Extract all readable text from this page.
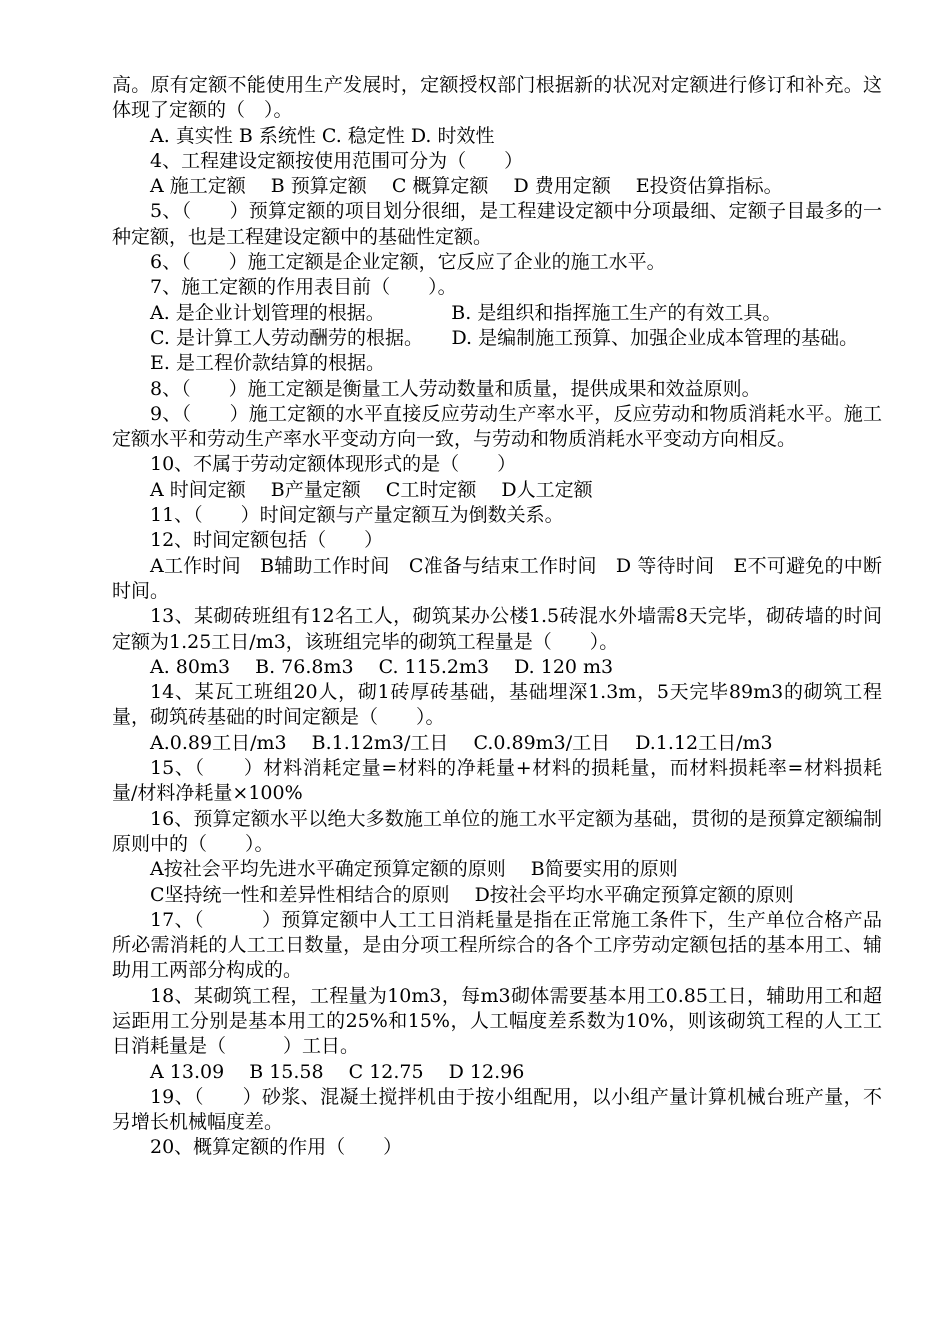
高。原有定额不能使用生产发展时，定额授权部门根据新的状况对定额进行修订和补充。这体现了定额的（　）。

A. 真实性 B 系统性 C. 稳定性 D. 时效性

4、工程建设定额按使用范围可分为（　　）

A 施工定额　 B 预算定额　 C 概算定额　 D 费用定额　 E投资估算指标。

5、（　　）预算定额的项目划分很细，是工程建设定额中分项最细、定额子目最多的一种定额，也是工程建设定额中的基础性定额。

6、（　　）施工定额是企业定额，它反应了企业的施工水平。

7、施工定额的作用表目前（　　）。

A. 是企业计划管理的根据。　　　　B. 是组织和指挥施工生产的有效工具。

C. 是计算工人劳动酬劳的根据。　　D. 是编制施工预算、加强企业成本管理的基础。

E. 是工程价款结算的根据。

8、（　　）施工定额是衡量工人劳动数量和质量，提供成果和效益原则。

9、（　　）施工定额的水平直接反应劳动生产率水平，反应劳动和物质消耗水平。施工定额水平和劳动生产率水平变动方向一致，与劳动和物质消耗水平变动方向相反。

10、不属于劳动定额体现形式的是（　　）

A 时间定额　 B产量定额　 C工时定额　 D人工定额

11、（　　）时间定额与产量定额互为倒数关系。

12、时间定额包括（　　）

A工作时间　B辅助工作时间　C准备与结束工作时间　D 等待时间　E不可避免的中断时间。

13、某砌砖班组有12名工人，砌筑某办公楼1.5砖混水外墙需8天完毕，砌砖墙的时间定额为1.25工日/m3，该班组完毕的砌筑工程量是（　　）。

A. 80m3　 B. 76.8m3　 C. 115.2m3　 D. 120 m3

14、某瓦工班组20人，砌1砖厚砖基础，基础埋深1.3m，5天完毕89m3的砌筑工程量，砌筑砖基础的时间定额是（　　）。

A.0.89工日/m3　 B.1.12m3/工日　 C.0.89m3/工日　 D.1.12工日/m3

15、（　　）材料消耗定量=材料的净耗量+材料的损耗量，而材料损耗率=材料损耗量/材料净耗量×100%

16、预算定额水平以绝大多数施工单位的施工水平定额为基础，贯彻的是预算定额编制原则中的（　　）。

A按社会平均先进水平确定预算定额的原则　 B简要实用的原则

C坚持统一性和差异性相结合的原则　 D按社会平均水平确定预算定额的原则

17、（　　　）预算定额中人工工日消耗量是指在正常施工条件下，生产单位合格产品所必需消耗的人工工日数量，是由分项工程所综合的各个工序劳动定额包括的基本用工、辅助用工两部分构成的。

18、某砌筑工程，工程量为10m3，每m3砌体需要基本用工0.85工日，辅助用工和超运距用工分别是基本用工的25%和15%，人工幅度差系数为10%，则该砌筑工程的人工工日消耗量是（　　　）工日。

A 13.09　 B 15.58　 C 12.75　 D 12.96

19、（　　）砂浆、混凝土搅拌机由于按小组配用，以小组产量计算机械台班产量，不另增长机械幅度差。

20、概算定额的作用（　　）
